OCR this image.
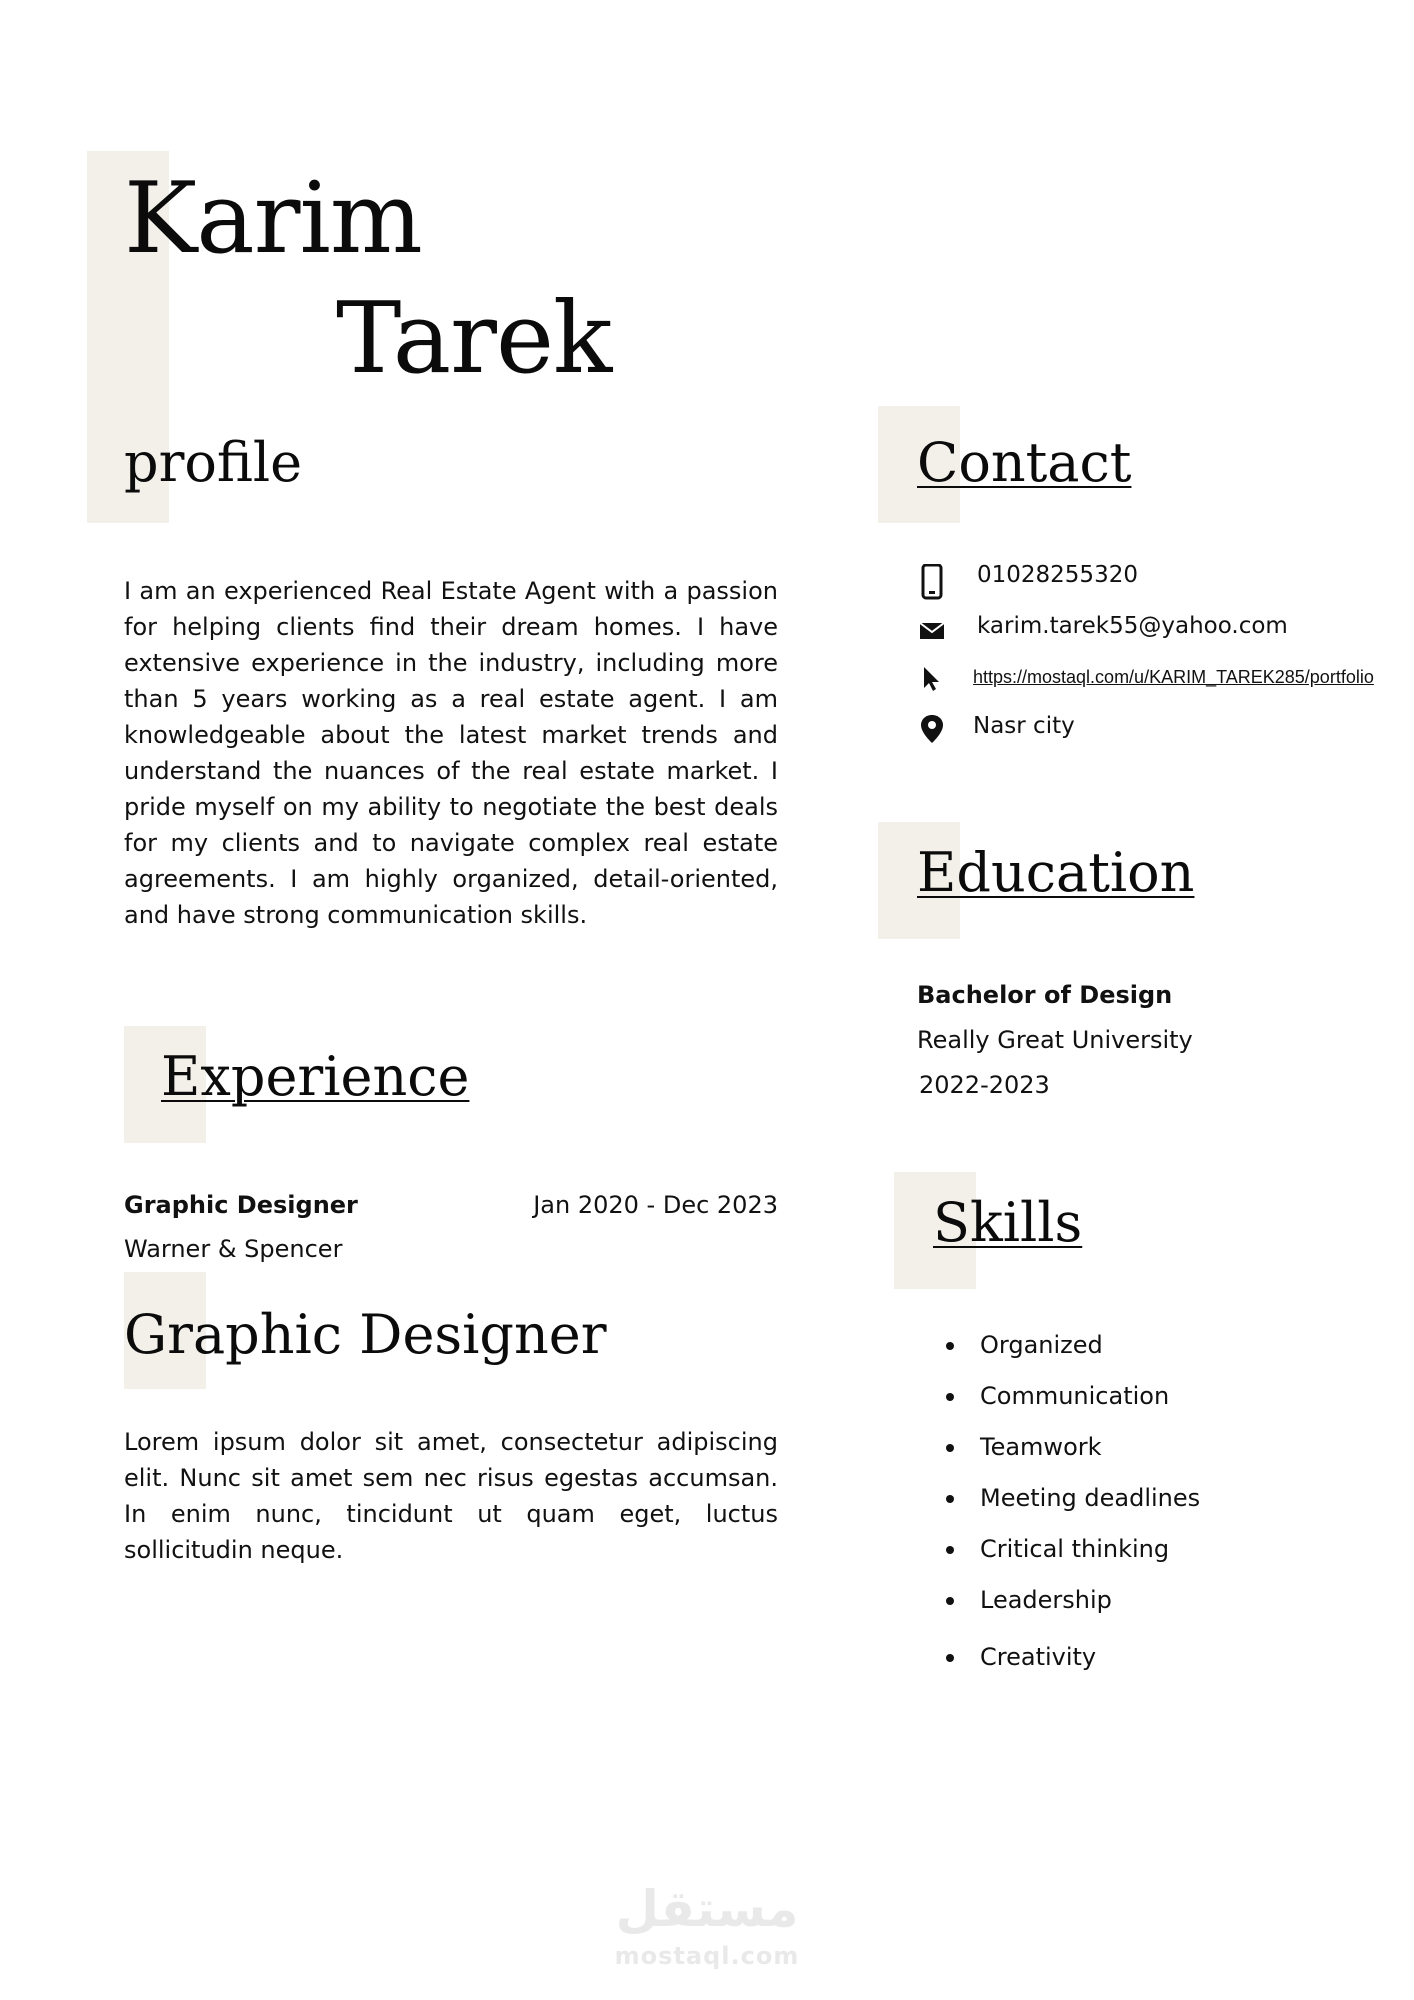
Karim
Tarek
profile
I am an experienced Real Estate Agent with a passion for helping clients find their dream homes. I have extensive experience in the industry, including more than 5 years working as a real estate agent. I am knowledgeable about the latest market trends and understand the nuances of the real estate market. I pride myself on my ability to negotiate the best deals for my clients and to navigate complex real estate agreements. I am highly organized, detail-oriented, and have strong communication skills.
Contact
01028255320
karim.tarek55@yahoo.com
https://mostaql.com/u/KARIM_TAREK285/portfolio
Nasr city
Education
Bachelor of Design
Really Great University
2022-2023
Experience
Graphic Designer	Jan 2020 - Dec 2023
Warner & Spencer
Graphic Designer
Lorem ipsum dolor sit amet, consectetur adipiscing elit. Nunc sit amet sem nec risus egestas accumsan. In enim nunc, tincidunt ut quam eget, luctus sollicitudin neque.
Skills
Organized
Communication
Teamwork
Meeting deadlines
Critical thinking
Leadership
Creativity
مستقل
mostaql.com
